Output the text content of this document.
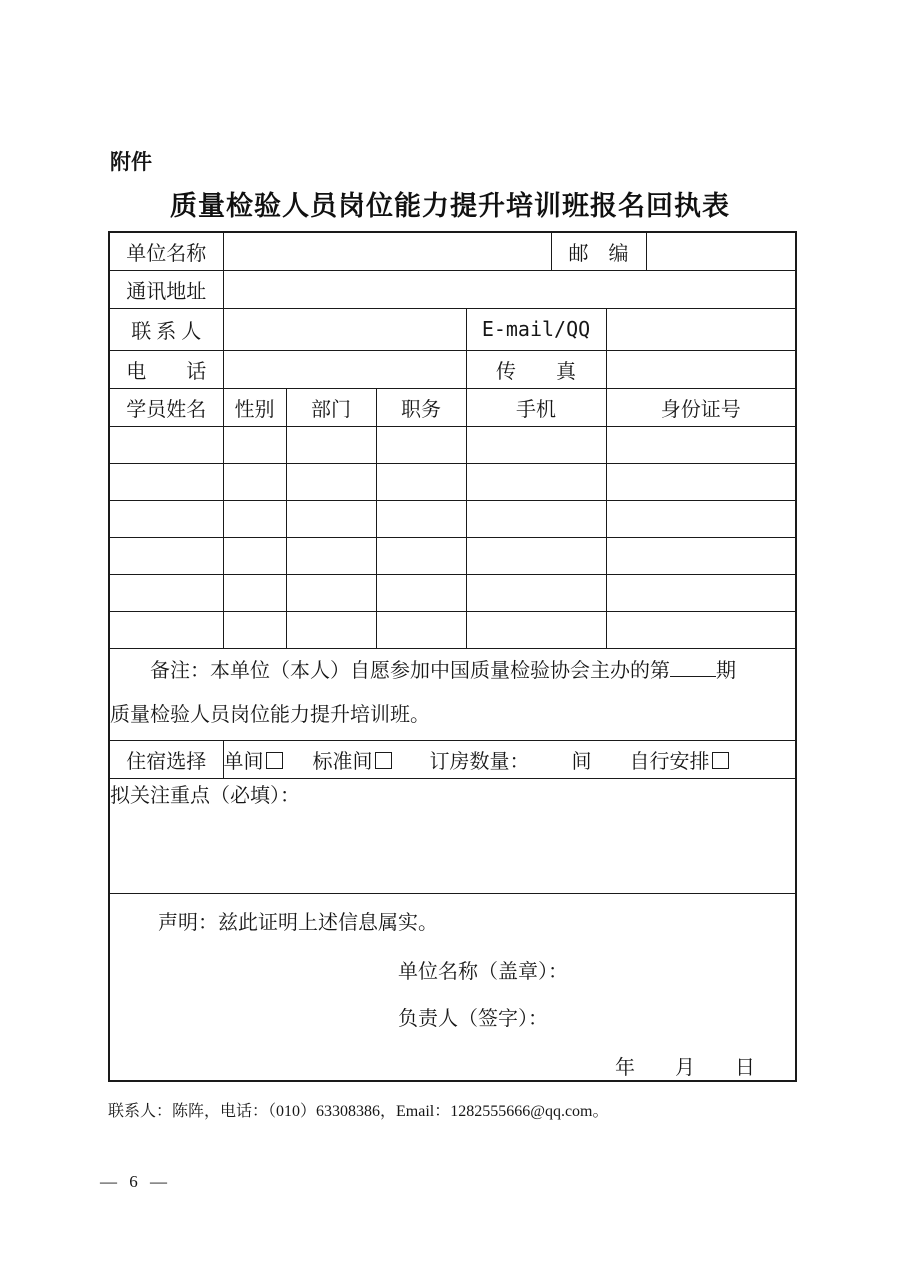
附件
质量检验人员岗位能力提升培训班报名回执表
单位名称					邮　编		
通讯地址							
联 系 人				E-mail/QQ			
电　　话				传　　真			
学员姓名	性别	部门	职务	手机		身份证号	

备注：本单位（本人）自愿参加中国质量检验协会主办的第 期
质量检验人员岗位能力提升培训班。							

住宿选择	单间 标准间 订房数量： 间 自行安排						
拟关注重点（必填）：							

声明：兹此证明上述信息属实。
单位名称（盖章）：
负责人（签字）：
年　　月　　日							
联系人：陈阵，电话：（010）63308386，Email：1282555666@qq.com。
— 6 —
